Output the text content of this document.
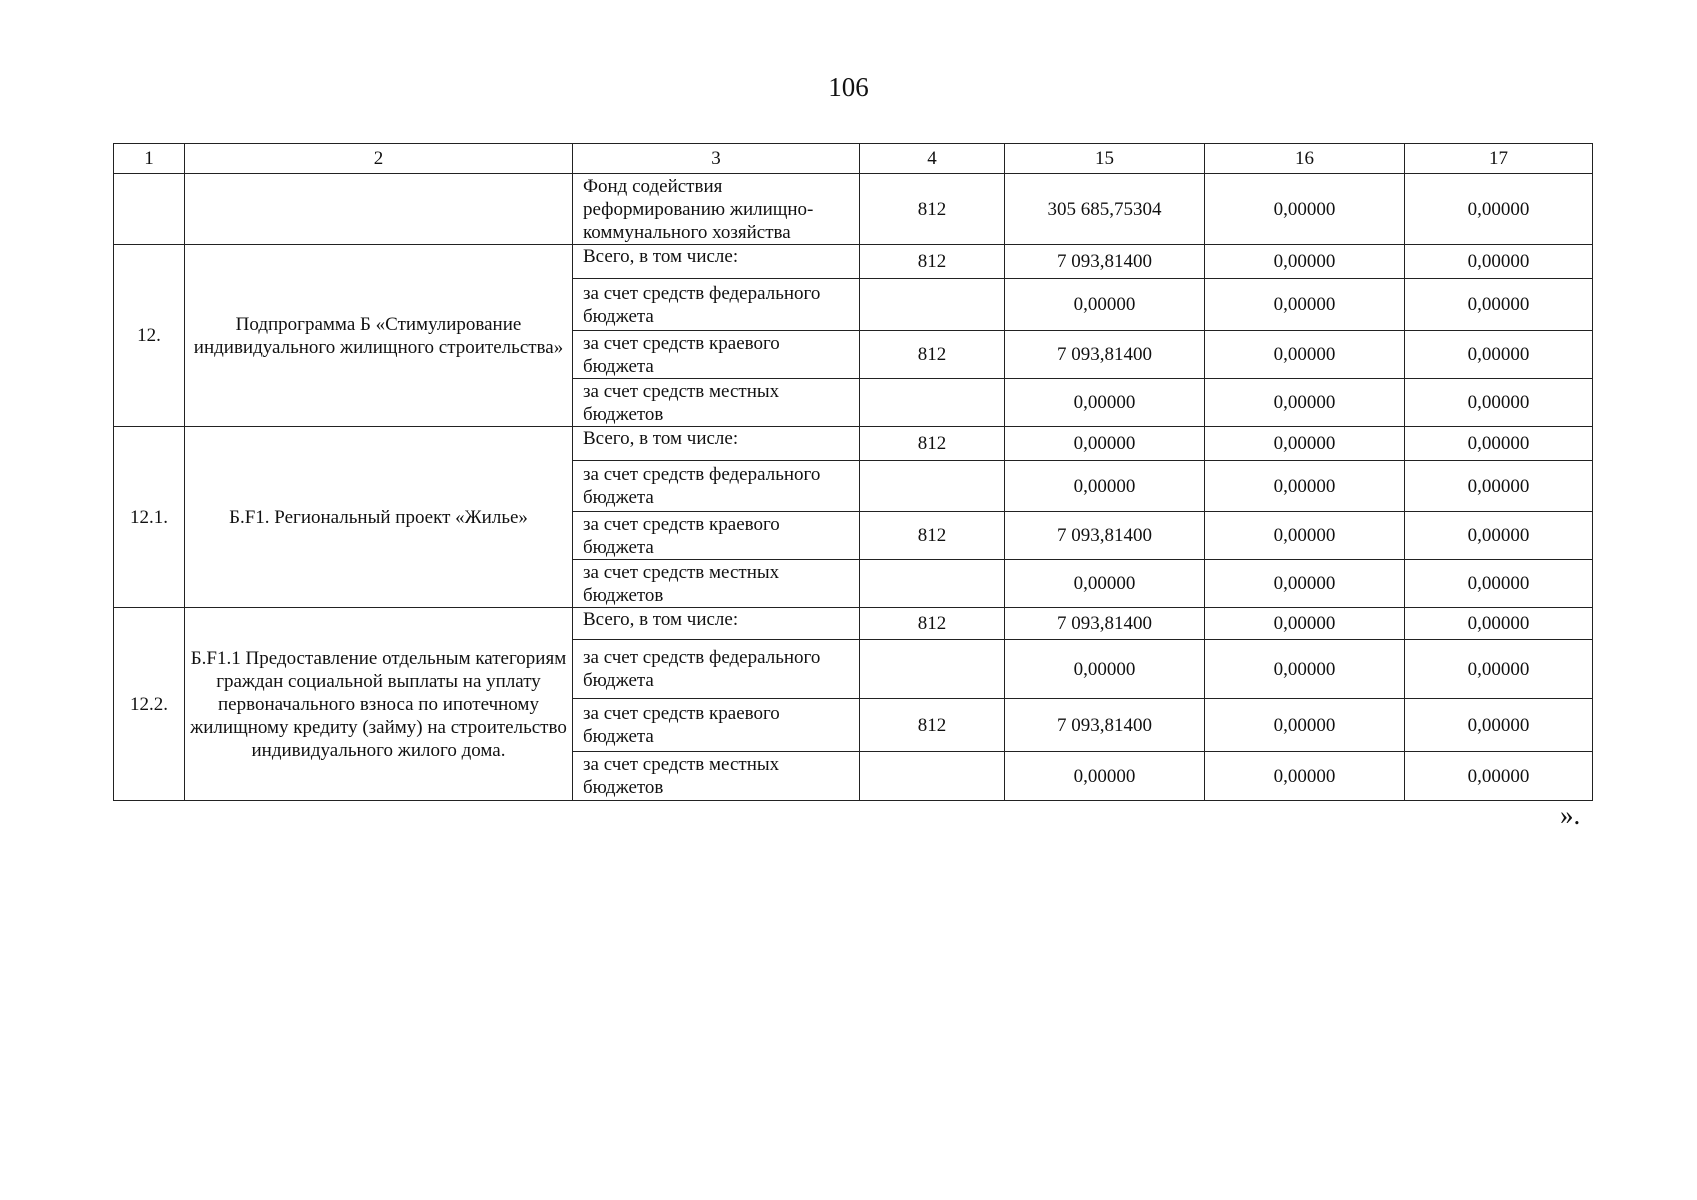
106
1	2	3	4	15	16	17
		Фонд содействия реформированию жилищно-коммунального хозяйства	812	305 685,75304	0,00000	0,00000
12.	Подпрограмма Б «Стимулирование индивидуального жилищного строительства»	Всего, в том числе:	812	7 093,81400	0,00000	0,00000
		за счет средств федерального бюджета		0,00000	0,00000	0,00000
		за счет средств краевого бюджета	812	7 093,81400	0,00000	0,00000
		за счет средств местных бюджетов		0,00000	0,00000	0,00000
12.1.	Б.F1. Региональный проект «Жилье»	Всего, в том числе:	812	0,00000	0,00000	0,00000
		за счет средств федерального бюджета		0,00000	0,00000	0,00000
		за счет средств краевого бюджета	812	7 093,81400	0,00000	0,00000
		за счет средств местных бюджетов		0,00000	0,00000	0,00000
12.2.	Б.F1.1 Предоставление отдельным категориям граждан социальной выплаты на уплату первоначального взноса по ипотечному жилищному кредиту (займу) на строительство индивидуального жилого дома.	Всего, в том числе:	812	7 093,81400	0,00000	0,00000
		за счет средств федерального бюджета		0,00000	0,00000	0,00000
		за счет средств краевого бюджета	812	7 093,81400	0,00000	0,00000
		за счет средств местных бюджетов		0,00000	0,00000	0,00000
».
